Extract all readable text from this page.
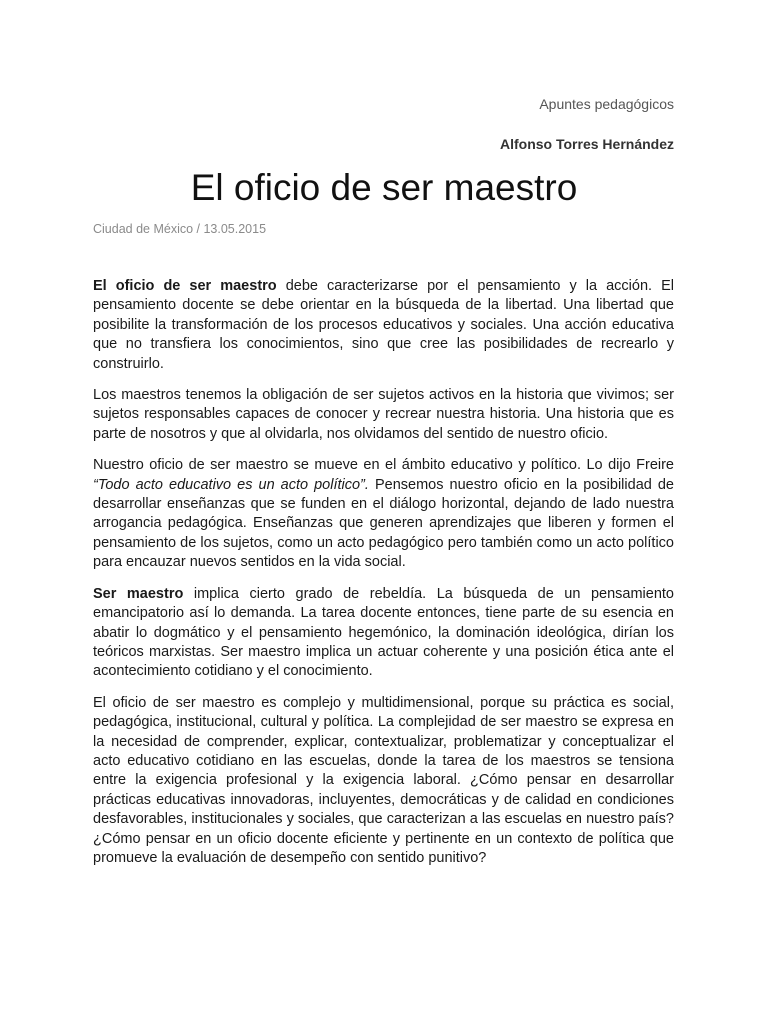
Apuntes pedagógicos

Alfonso Torres Hernández

El oficio de ser maestro

Ciudad de México / 13.05.2015

El oficio de ser maestro debe caracterizarse por el pensamiento y la acción. El pensamiento docente se debe orientar en la búsqueda de la libertad. Una libertad que posibilite la transformación de los procesos educativos y sociales. Una acción educativa que no transfiera los conocimientos, sino que cree las posibilidades de recrearlo y construirlo.

Los maestros tenemos la obligación de ser sujetos activos en la historia que vivimos; ser sujetos responsables capaces de conocer y recrear nuestra historia. Una historia que es parte de nosotros y que al olvidarla, nos olvidamos del sentido de nuestro oficio.

Nuestro oficio de ser maestro se mueve en el ámbito educativo y político. Lo dijo Freire “Todo acto educativo es un acto político”. Pensemos nuestro oficio en la posibilidad de desarrollar enseñanzas que se funden en el diálogo horizontal, dejando de lado nuestra arrogancia pedagógica. Enseñanzas que generen aprendizajes que liberen y formen el pensamiento de los sujetos, como un acto pedagógico pero también como un acto político para encauzar nuevos sentidos en la vida social.

Ser maestro implica cierto grado de rebeldía. La búsqueda de un pensamiento emancipatorio así lo demanda. La tarea docente entonces, tiene parte de su esencia en abatir lo dogmático y el pensamiento hegemónico, la dominación ideológica, dirían los teóricos marxistas. Ser maestro implica un actuar coherente y una posición ética ante el acontecimiento cotidiano y el conocimiento.

El oficio de ser maestro es complejo y multidimensional, porque su práctica es social, pedagógica, institucional, cultural y política. La complejidad de ser maestro se expresa en la necesidad de comprender, explicar, contextualizar, problematizar y conceptualizar el acto educativo cotidiano en las escuelas, donde la tarea de los maestros se tensiona entre la exigencia profesional y la exigencia laboral. ¿Cómo pensar en desarrollar prácticas educativas innovadoras, incluyentes, democráticas y de calidad en condiciones desfavorables, institucionales y sociales, que caracterizan a las escuelas en nuestro país? ¿Cómo pensar en un oficio docente eficiente y pertinente en un contexto de política que promueve la evaluación de desempeño con sentido punitivo?
